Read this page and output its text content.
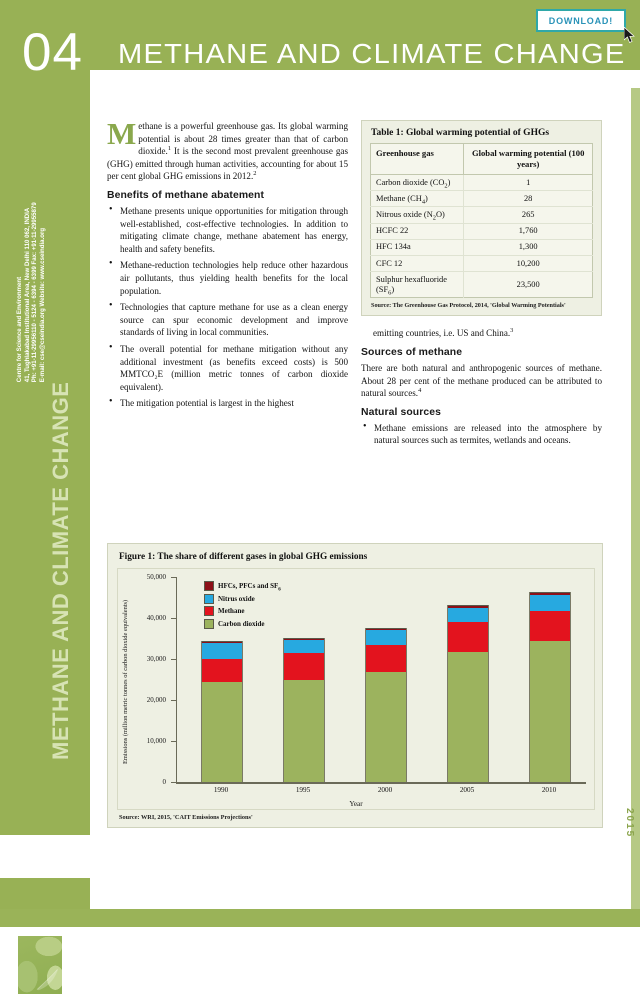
04 METHANE AND CLIMATE CHANGE
DOWNLOAD!
Centre for Science and Environment 41, Tughlakabad Institutional Area, New Delhi 110 062, INDIA Ph: +91-11-29956110 - 5124 - 6394 - 6399 Fax: +91-11-29955879 E-mail: cse@cseindia.org Website: www.cseindia.org
METHANE AND CLIMATE CHANGE
CSE
2015

Methane is a powerful greenhouse gas. Its global warming potential is about 28 times greater than that of carbon dioxide.$^1$ It is the second most prevalent greenhouse gas (GHG) emitted through human activities, accounting for about 15 per cent global GHG emissions in 2012.$^2$

Benefits of methane abatement
• Methane presents unique opportunities for mitigation through well-established, cost-effective technologies. In addition to mitigating climate change, methane abatement has energy, health and safety benefits.
• Methane-reduction technologies help reduce other hazardous air pollutants, thus yielding health benefits for the local population.
• Technologies that capture methane for use as a clean energy source can spur economic development and improve standards of living in local communities.
• The overall potential for methane mitigation without any additional investment (as benefits exceed costs) is 500 MMTCO₂E (million metric tonnes of carbon dioxide equivalent).
• The mitigation potential is largest in the highest
Table 1: Global warming potential of GHGs
Greenhouse gas	Global warming potential (100 years)
Carbon dioxide $(CO_2)$	1
Methane $(CH_4)$	28
Nitrous oxide $(N_2O)$	265
HCFC 22	1,760
HFC 134a	1,300
CFC 12	10,200
Sulphur hexafluoride $(SF_6)$	23,500
Source: The Greenhouse Gas Protocol, 2014, 'Global Warming Potentials'

emitting countries, i.e. US and China.$^3$

Sources of methane

There are both natural and anthropogenic sources of methane. About 28 per cent of the methane produced can be attributed to natural sources.$^4$

Natural sources
• Methane emissions are released into the atmosphere by natural sources such as termites, wetlands and oceans.
Figure 1: The share of different gases in global GHG emissions
Emissions (million metric tonnes of carbon dioxide equivalents)
0
10,000
20,000
30,000
40,000
50,000
1990	1995	2000	2005	2010
Year
HFCs, PFCs and $SF_6$
Nitrus oxide
Methane
Carbon dioxide
Source: WRI, 2015, 'CAIT Emissions Projections'
